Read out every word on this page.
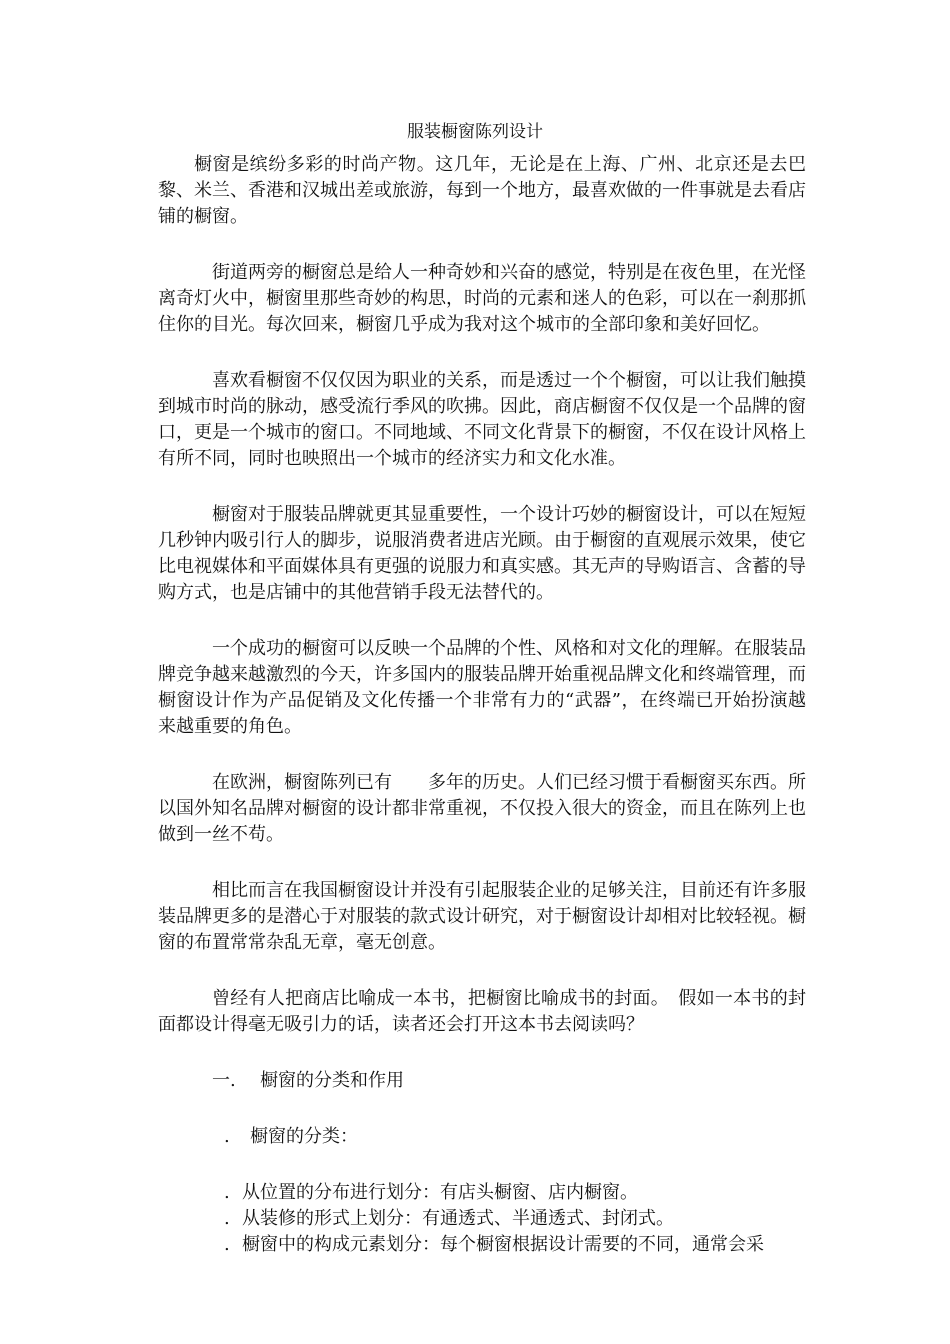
服装橱窗陈列设计

橱窗是缤纷多彩的时尚产物。这几年，无论是在上海、广州、北京还是去巴黎、米兰、香港和汉城出差或旅游，每到一个地方，最喜欢做的一件事就是去看店铺的橱窗。

街道两旁的橱窗总是给人一种奇妙和兴奋的感觉，特别是在夜色里，在光怪离奇灯火中，橱窗里那些奇妙的构思，时尚的元素和迷人的色彩，可以在一刹那抓住你的目光。每次回来，橱窗几乎成为我对这个城市的全部印象和美好回忆。

喜欢看橱窗不仅仅因为职业的关系，而是透过一个个橱窗，可以让我们触摸到城市时尚的脉动，感受流行季风的吹拂。因此，商店橱窗不仅仅是一个品牌的窗口，更是一个城市的窗口。不同地域、不同文化背景下的橱窗，不仅在设计风格上有所不同，同时也映照出一个城市的经济实力和文化水准。

橱窗对于服装品牌就更其显重要性，一个设计巧妙的橱窗设计，可以在短短几秒钟内吸引行人的脚步，说服消费者进店光顾。由于橱窗的直观展示效果，使它比电视媒体和平面媒体具有更强的说服力和真实感。其无声的导购语言、含蓄的导购方式，也是店铺中的其他营销手段无法替代的。

一个成功的橱窗可以反映一个品牌的个性、风格和对文化的理解。在服装品牌竞争越来越激烈的今天，许多国内的服装品牌开始重视品牌文化和终端管理，而橱窗设计作为产品促销及文化传播一个非常有力的“武器”，在终端已开始扮演越来越重要的角色。

在欧洲，橱窗陈列已有　　多年的历史。人们已经习惯于看橱窗买东西。所以国外知名品牌对橱窗的设计都非常重视，不仅投入很大的资金，而且在陈列上也做到一丝不苟。

相比而言在我国橱窗设计并没有引起服装企业的足够关注，目前还有许多服装品牌更多的是潜心于对服装的款式设计研究，对于橱窗设计却相对比较轻视。橱窗的布置常常杂乱无章，毫无创意。

曾经有人把商店比喻成一本书，把橱窗比喻成书的封面。　假如一本书的封面都设计得毫无吸引力的话，读者还会打开这本书去阅读吗？

一. 橱窗的分类和作用
. 橱窗的分类：
. 从位置的分布进行划分：有店头橱窗、店内橱窗。
. 从装修的形式上划分：有通透式、半通透式、封闭式。
. 橱窗中的构成元素划分：每个橱窗根据设计需要的不同，通常会采
